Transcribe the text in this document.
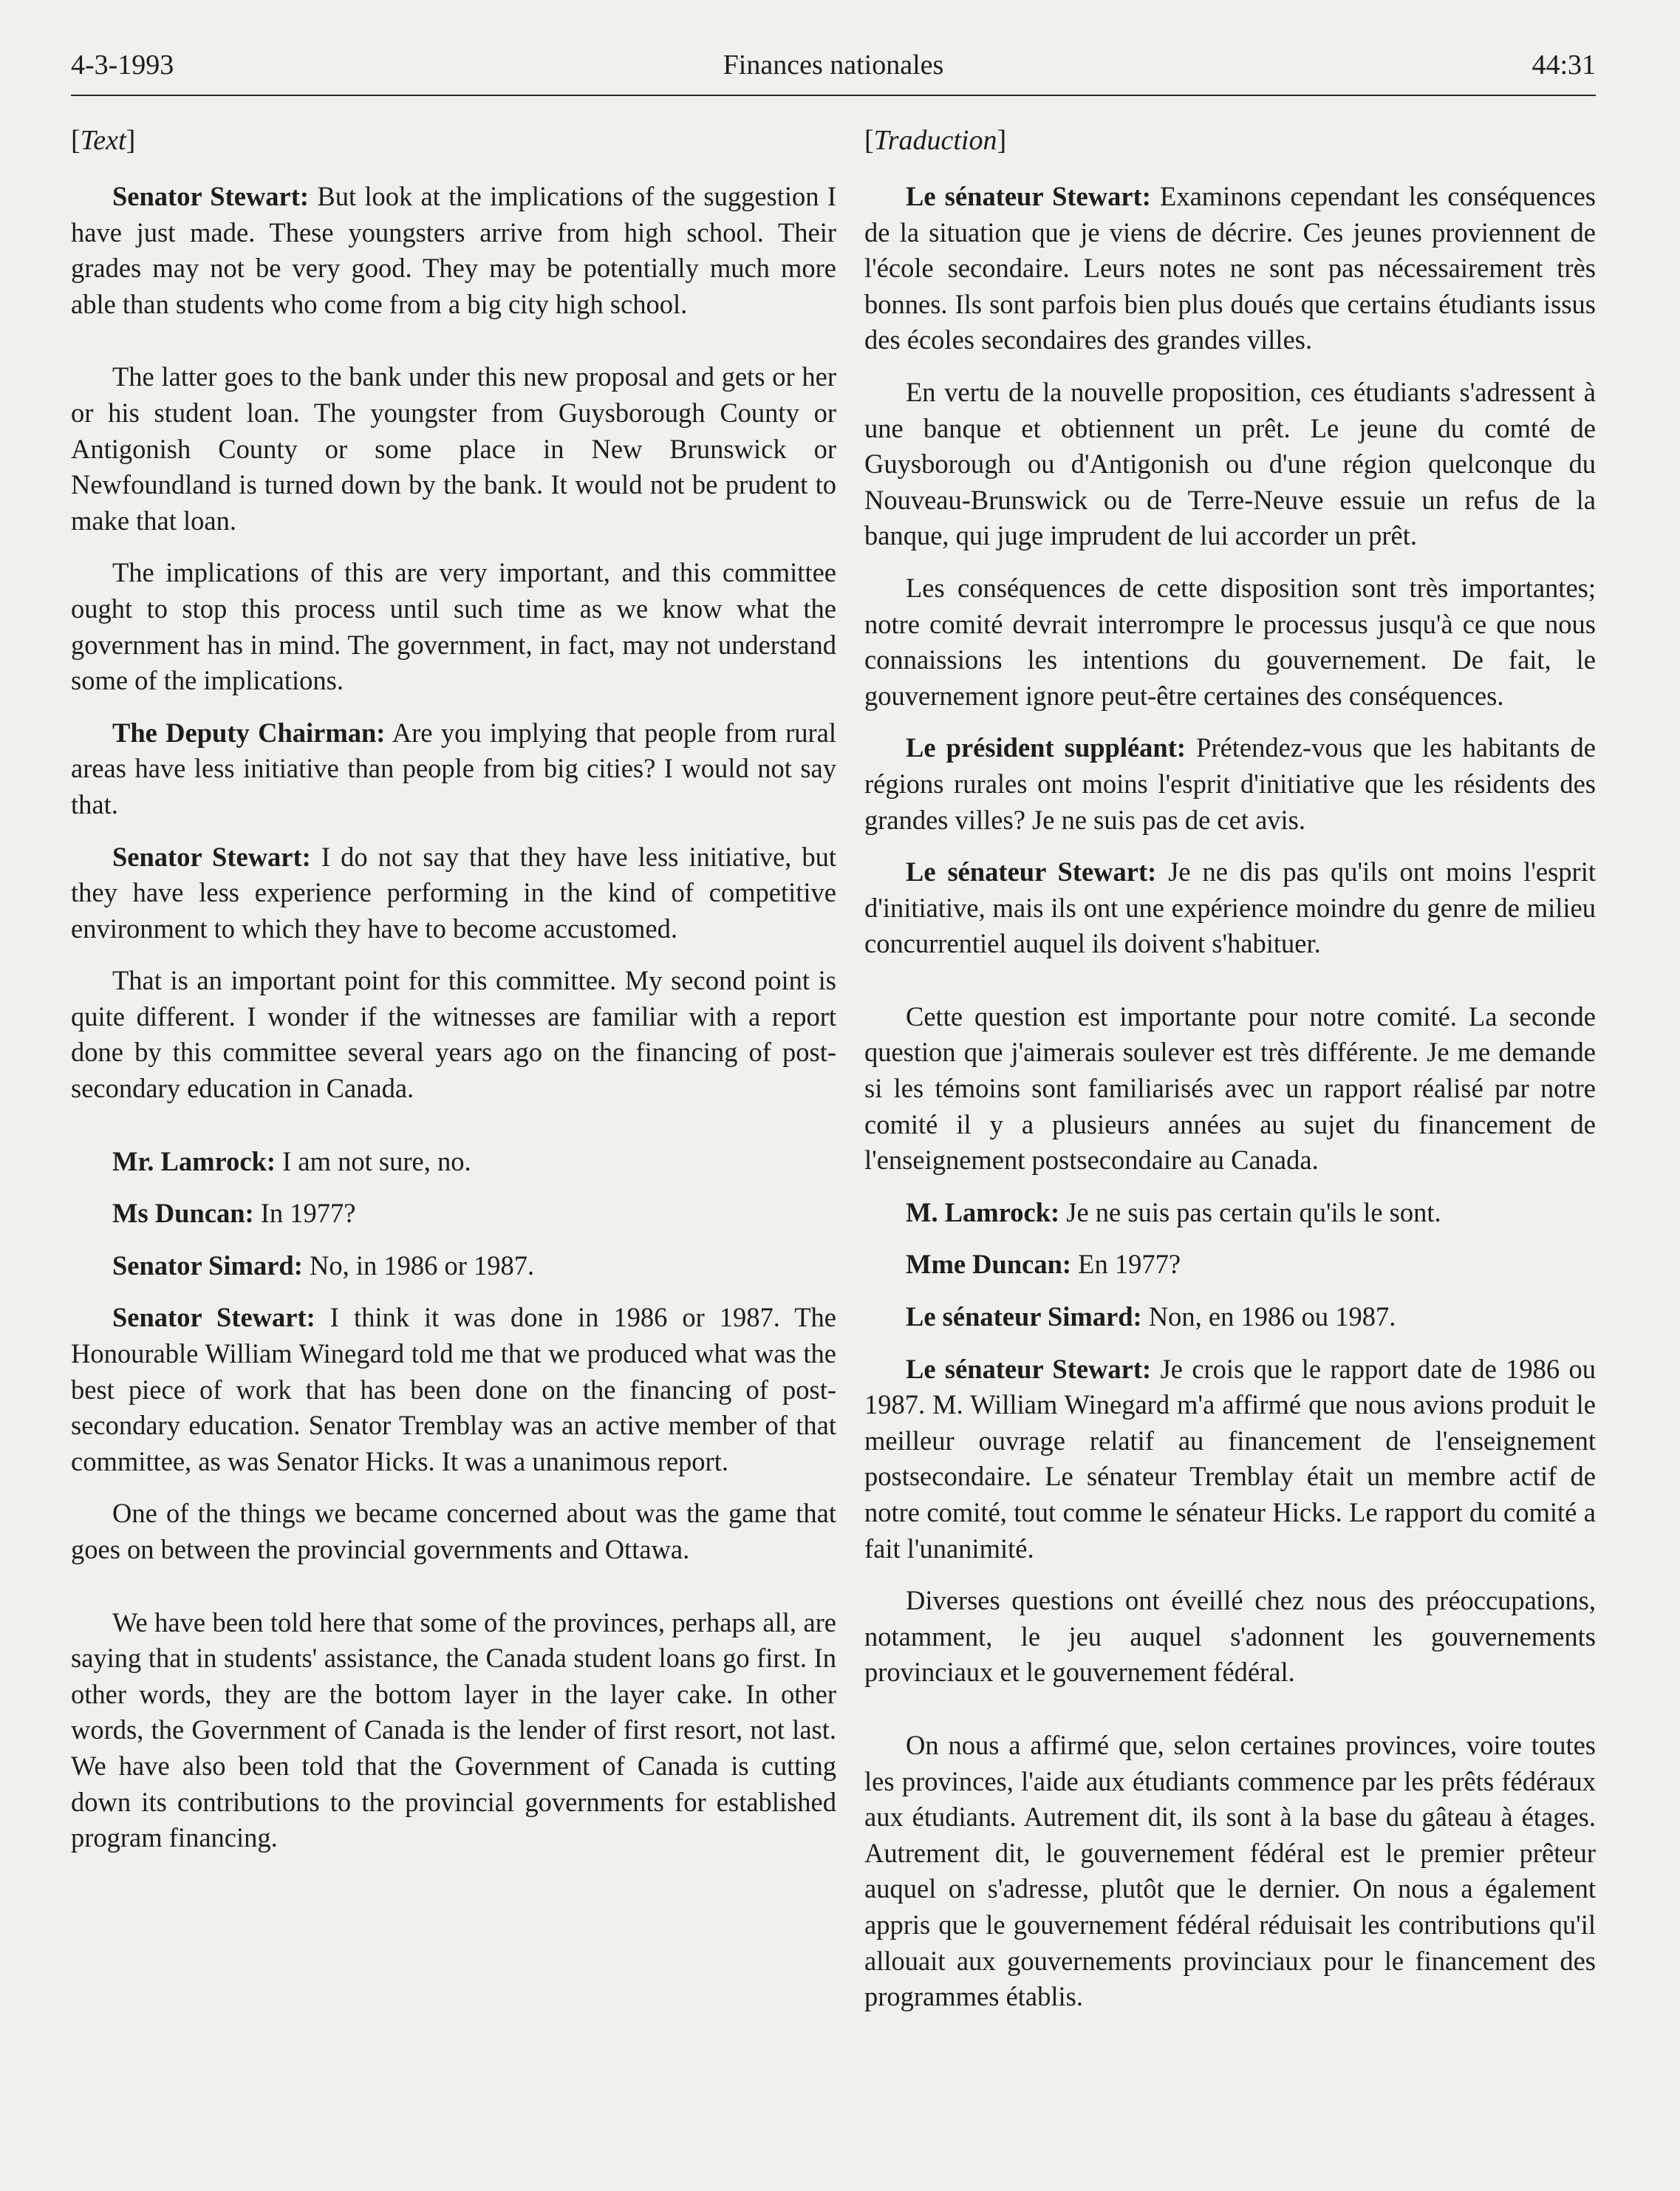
4-3-1993	Finances nationales	44:31
[Text]

Senator Stewart: But look at the implications of the suggestion I have just made. These youngsters arrive from high school. Their grades may not be very good. They may be potentially much more able than students who come from a big city high school.

The latter goes to the bank under this new proposal and gets or her or his student loan. The youngster from Guysborough County or Antigonish County or some place in New Brunswick or Newfoundland is turned down by the bank. It would not be prudent to make that loan.

The implications of this are very important, and this committee ought to stop this process until such time as we know what the government has in mind. The government, in fact, may not understand some of the implications.

The Deputy Chairman: Are you implying that people from rural areas have less initiative than people from big cities? I would not say that.

Senator Stewart: I do not say that they have less initiative, but they have less experience performing in the kind of competitive environment to which they have to become accustomed.

That is an important point for this committee. My second point is quite different. I wonder if the witnesses are familiar with a report done by this committee several years ago on the financing of post-secondary education in Canada.

Mr. Lamrock: I am not sure, no.

Ms Duncan: In 1977?

Senator Simard: No, in 1986 or 1987.

Senator Stewart: I think it was done in 1986 or 1987. The Honourable William Winegard told me that we produced what was the best piece of work that has been done on the financing of post-secondary education. Senator Tremblay was an active member of that committee, as was Senator Hicks. It was a unanimous report.

One of the things we became concerned about was the game that goes on between the provincial governments and Ottawa.

We have been told here that some of the provinces, perhaps all, are saying that in students' assistance, the Canada student loans go first. In other words, they are the bottom layer in the layer cake. In other words, the Government of Canada is the lender of first resort, not last. We have also been told that the Government of Canada is cutting down its contributions to the provincial governments for established program financing.

[Traduction]

Le sénateur Stewart: Examinons cependant les conséquences de la situation que je viens de décrire. Ces jeunes proviennent de l'école secondaire. Leurs notes ne sont pas nécessairement très bonnes. Ils sont parfois bien plus doués que certains étudiants issus des écoles secondaires des grandes villes.

En vertu de la nouvelle proposition, ces étudiants s'adressent à une banque et obtiennent un prêt. Le jeune du comté de Guysborough ou d'Antigonish ou d'une région quelconque du Nouveau-Brunswick ou de Terre-Neuve essuie un refus de la banque, qui juge imprudent de lui accorder un prêt.

Les conséquences de cette disposition sont très importantes; notre comité devrait interrompre le processus jusqu'à ce que nous connaissions les intentions du gouvernement. De fait, le gouvernement ignore peut-être certaines des conséquences.

Le président suppléant: Prétendez-vous que les habitants de régions rurales ont moins l'esprit d'initiative que les résidents des grandes villes? Je ne suis pas de cet avis.

Le sénateur Stewart: Je ne dis pas qu'ils ont moins l'esprit d'initiative, mais ils ont une expérience moindre du genre de milieu concurrentiel auquel ils doivent s'habituer.

Cette question est importante pour notre comité. La seconde question que j'aimerais soulever est très différente. Je me demande si les témoins sont familiarisés avec un rapport réalisé par notre comité il y a plusieurs années au sujet du financement de l'enseignement postsecondaire au Canada.

M. Lamrock: Je ne suis pas certain qu'ils le sont.

Mme Duncan: En 1977?

Le sénateur Simard: Non, en 1986 ou 1987.

Le sénateur Stewart: Je crois que le rapport date de 1986 ou 1987. M. William Winegard m'a affirmé que nous avions produit le meilleur ouvrage relatif au financement de l'enseignement postsecondaire. Le sénateur Tremblay était un membre actif de notre comité, tout comme le sénateur Hicks. Le rapport du comité a fait l'unanimité.

Diverses questions ont éveillé chez nous des préoccupations, notamment, le jeu auquel s'adonnent les gouvernements provinciaux et le gouvernement fédéral.

On nous a affirmé que, selon certaines provinces, voire toutes les provinces, l'aide aux étudiants commence par les prêts fédéraux aux étudiants. Autrement dit, ils sont à la base du gâteau à étages. Autrement dit, le gouvernement fédéral est le premier prêteur auquel on s'adresse, plutôt que le dernier. On nous a également appris que le gouvernement fédéral réduisait les contributions qu'il allouait aux gouvernements provinciaux pour le financement des programmes établis.
